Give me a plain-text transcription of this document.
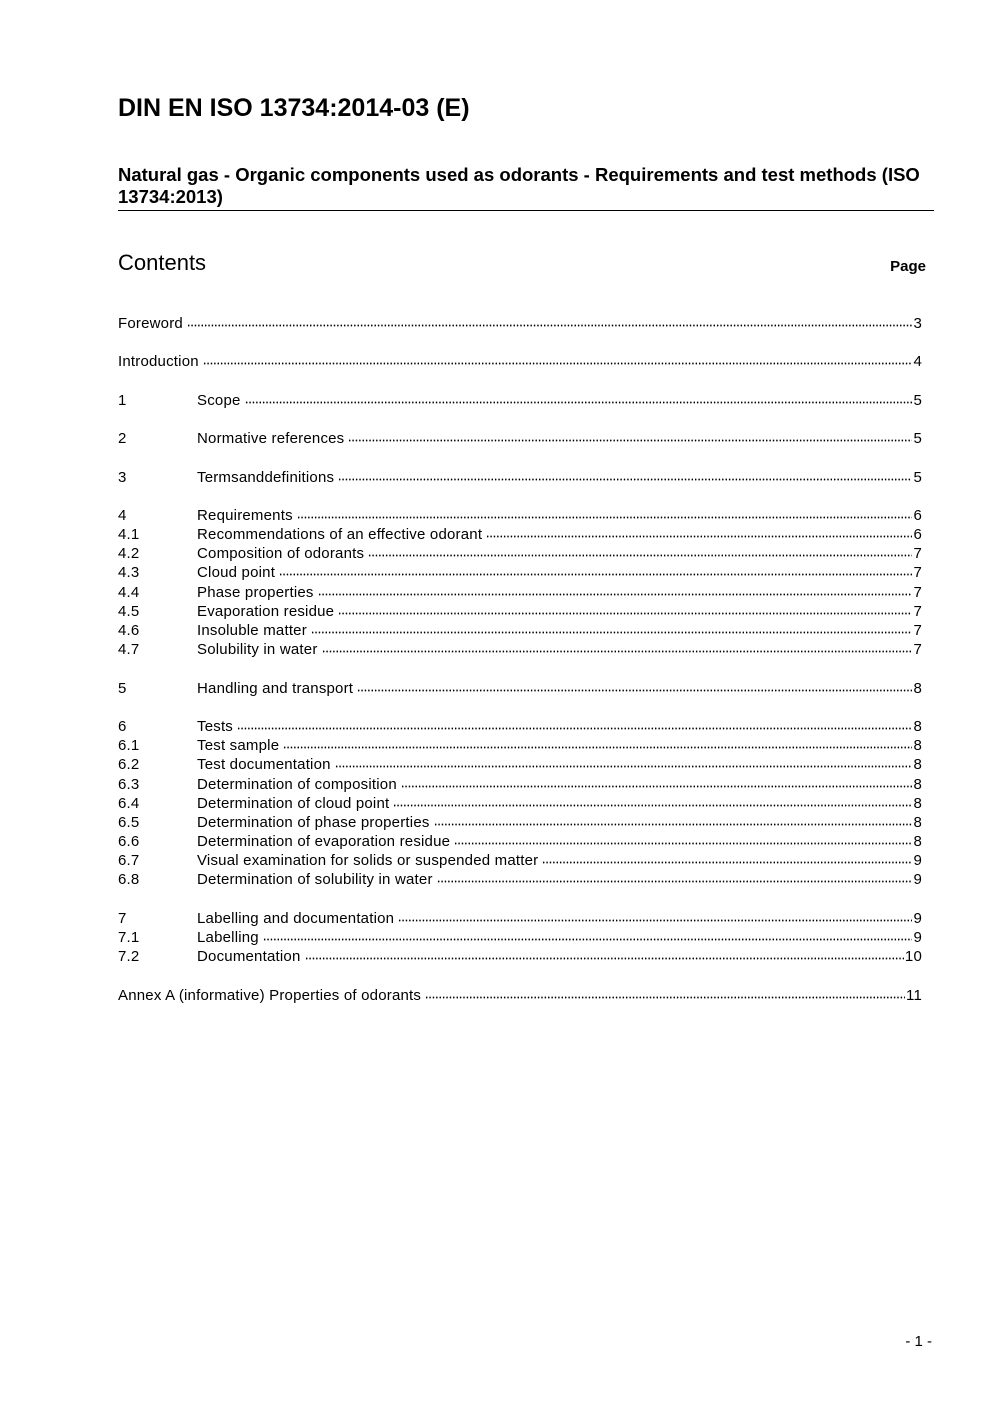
DIN EN ISO 13734:2014-03 (E)
Natural gas - Organic components used as odorants - Requirements and test methods (ISO 13734:2013)
Contents	Page
Foreword	3
Introduction	4
1	Scope	5
2	Normative references	5
3	Termsanddefinitions	5
4	Requirements	6
4.1	Recommendations of an effective odorant	6
4.2	Composition of odorants	7
4.3	Cloud point	7
4.4	Phase properties	7
4.5	Evaporation residue	7
4.6	Insoluble matter	7
4.7	Solubility in water	7
5	Handling and transport	8
6	Tests	8
6.1	Test sample	8
6.2	Test documentation	8
6.3	Determination of composition	8
6.4	Determination of cloud point	8
6.5	Determination of phase properties	8
6.6	Determination of evaporation residue	8
6.7	Visual examination for solids or suspended matter	9
6.8	Determination of solubility in water	9
7	Labelling and documentation	9
7.1	Labelling	9
7.2	Documentation	10
Annex A (informative) Properties of odorants	11
- 1 -
